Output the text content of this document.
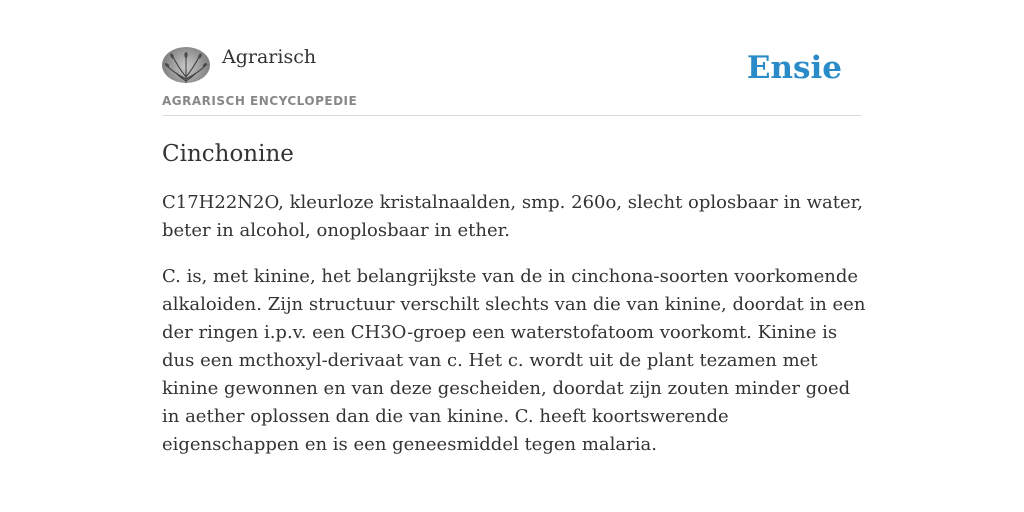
Agrarisch
AGRARISCH ENCYCLOPEDIE
Ensie
Cinchonine

C17H22N2O, kleurloze kristalnaalden, smp. 260o, slecht oplosbaar in water, beter in alcohol, onoplosbaar in ether.

C. is, met kinine, het belangrijkste van de in cinchona-soorten voorkomende alkaloiden. Zijn structuur verschilt slechts van die van kinine, doordat in een der ringen i.p.v. een CH3O-groep een waterstofatoom voorkomt. Kinine is dus een mcthoxyl-derivaat van c. Het c. wordt uit de plant tezamen met kinine gewonnen en van deze gescheiden, doordat zijn zouten minder goed in aether oplossen dan die van kinine. C. heeft koortswerende eigenschappen en is een geneesmiddel tegen malaria.
